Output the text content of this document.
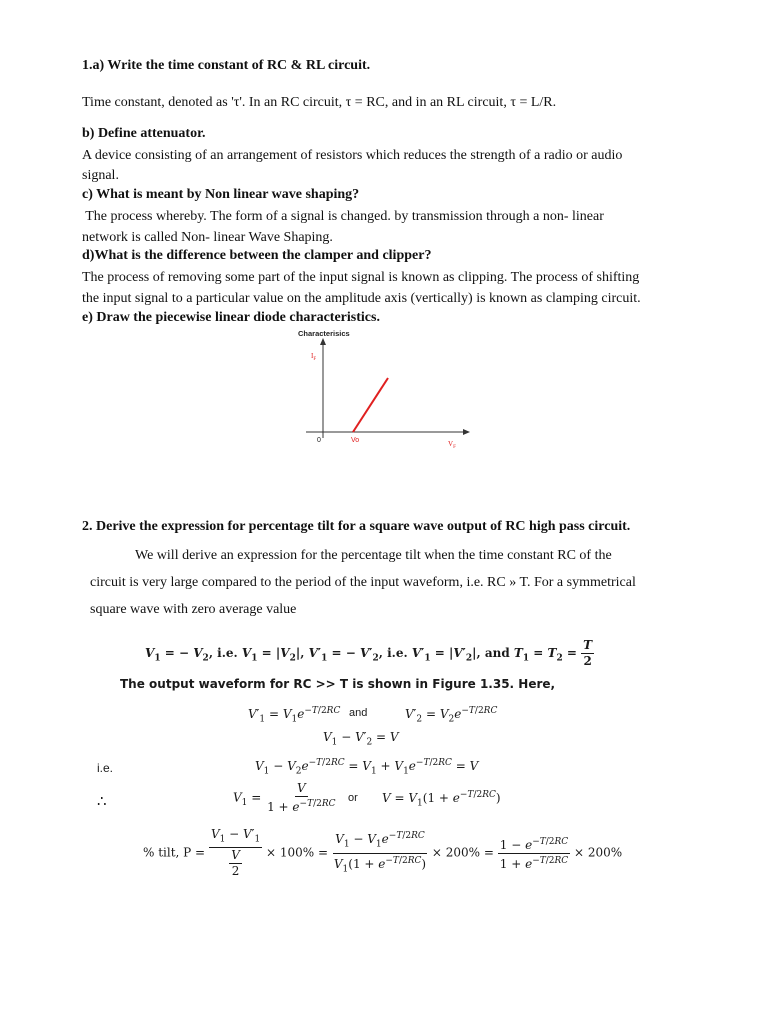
1.a) Write the time constant of RC & RL circuit.
Time constant, denoted as 'τ'. In an RC circuit, τ = RC, and in an RL circuit, τ = L/R.
b) Define attenuator.
A device consisting of an arrangement of resistors which reduces the strength of a radio or audio
signal.
c) What is meant by Non linear wave shaping?
The process whereby. The form of a signal is changed. by transmission through a non- linear
network is called Non- linear Wave Shaping.
d)What is the difference between the clamper and clipper?
The process of removing some part of the input signal is known as clipping. The process of shifting
the input signal to a particular value on the amplitude axis (vertically) is known as clamping circuit.
e) Draw the piecewise linear diode characteristics.
Characterisics
$I_F$
0	Vo	$V_F$
2. Derive the expression for percentage tilt for a square wave output of RC high pass circuit.
We will derive an expression for the percentage tilt when the time constant RC of the
circuit is very large compared to the period of the input waveform, i.e. RC » T. For a symmetrical
square wave with zero average value
$V_1$ = − $V_2$, i.e. $V_1 = |V_2|$, $V'_1$ = − $V'_2$, i.e. $V'_1 = |V'_2|$, and $T_1 = T_2 = \frac{T}{2}$
The output waveform for RC >> T is shown in Figure 1.35. Here,
$V'_1 = V_1e^{-T/2RC}$ and	$V'_2 = V_2e^{-T/2RC}$
$V_1 - V'_2 = V$
i.e.	$V_1 - V_2e^{-T/2RC} = V_1 + V_1e^{-T/2RC} = V$
∴	$V_1 = \frac{V}{1 + e^{-T/2RC}}$ or $V = V_1(1 + e^{-T/2RC})$
% tilt, $P = \frac{V_1 - V'_1}{\frac{V}{2}} \times 100\% = \frac{V_1 - V_1e^{-T/2RC}}{V_1(1 + e^{-T/2RC})} \times 200\% = \frac{1 - e^{-T/2RC}}{1 + e^{-T/2RC}} \times 200\%$
